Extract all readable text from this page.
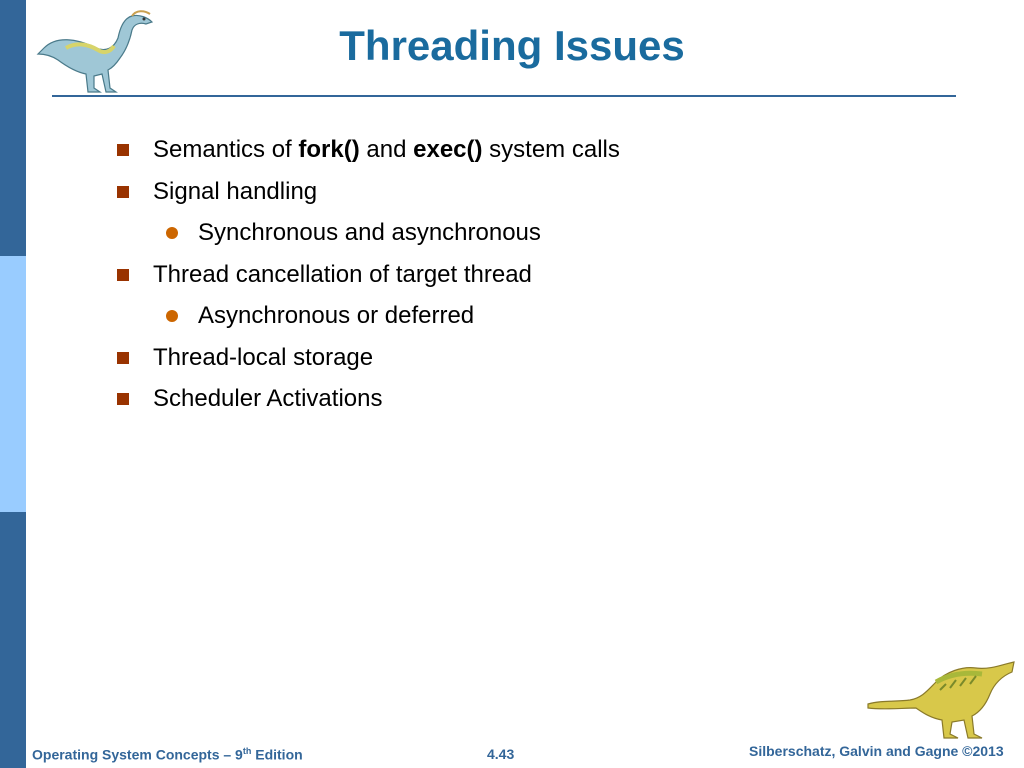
Threading Issues
Semantics of fork() and exec() system calls
Signal handling
Synchronous and asynchronous
Thread cancellation of target thread
Asynchronous or deferred
Thread-local storage
Scheduler Activations
Operating System Concepts – 9th Edition	4.43	Silberschatz, Galvin and Gagne ©2013
